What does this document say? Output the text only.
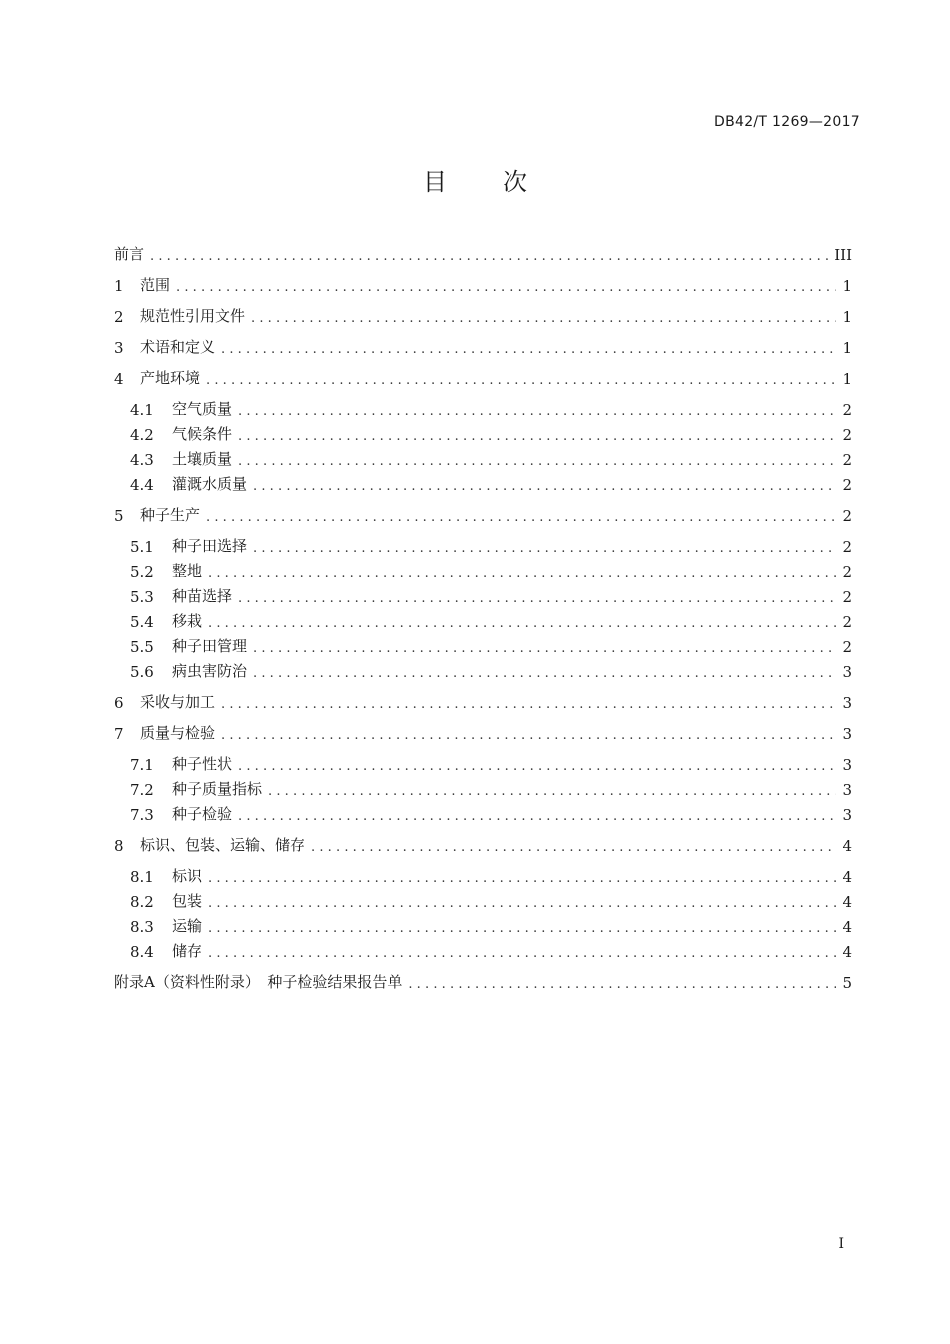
DB42/T 1269—2017
目 次
前言 .....	III
1	范围 .....	1
2	规范性引用文件 .....	1
3	术语和定义 .....	1
4	产地环境 .....	1
4.1	空气质量 .....	2
4.2	气候条件 .....	2
4.3	土壤质量 .....	2
4.4	灌溉水质量 .....	2
5	种子生产 .....	2
5.1	种子田选择 .....	2
5.2	整地 .....	2
5.3	种苗选择 .....	2
5.4	移栽 .....	2
5.5	种子田管理 .....	2
5.6	病虫害防治 .....	3
6	采收与加工 .....	3
7	质量与检验 .....	3
7.1	种子性状 .....	3
7.2	种子质量指标 .....	3
7.3	种子检验 .....	3
8	标识、包装、运输、储存 .....	4
8.1	标识 .....	4
8.2	包装 .....	4
8.3	运输 .....	4
8.4	储存 .....	4
附录A（资料性附录）　种子检验结果报告单 .....	5
I
